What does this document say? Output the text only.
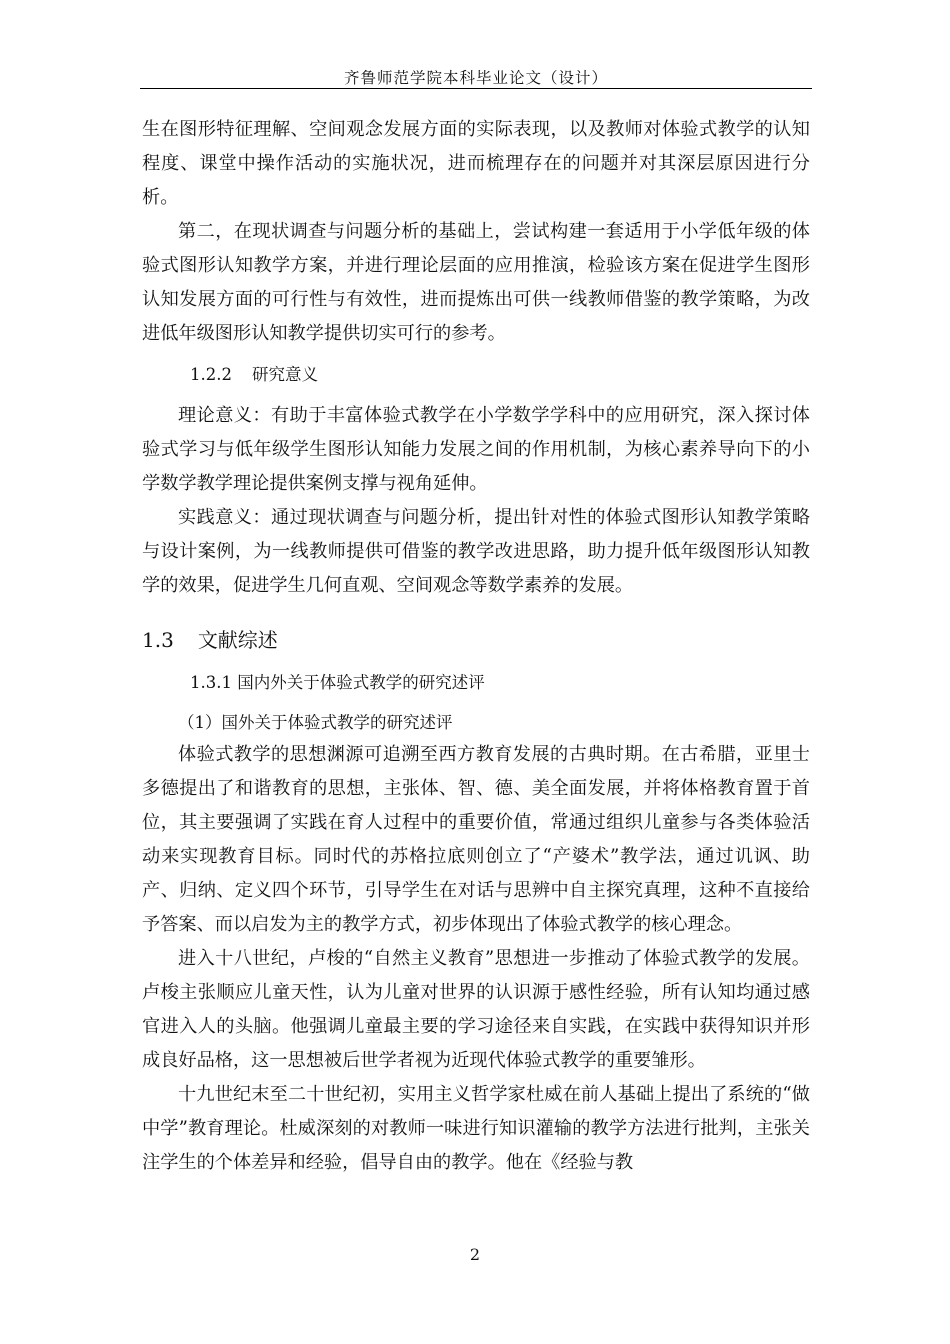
齐鲁师范学院本科毕业论文（设计）

生在图形特征理解、空间观念发展方面的实际表现，以及教师对体验式教学的认知程度、课堂中操作活动的实施状况，进而梳理存在的问题并对其深层原因进行分析。

第二，在现状调查与问题分析的基础上，尝试构建一套适用于小学低年级的体验式图形认知教学方案，并进行理论层面的应用推演，检验该方案在促进学生图形认知发展方面的可行性与有效性，进而提炼出可供一线教师借鉴的教学策略，为改进低年级图形认知教学提供切实可行的参考。

1.2.2 研究意义

理论意义：有助于丰富体验式教学在小学数学学科中的应用研究，深入探讨体验式学习与低年级学生图形认知能力发展之间的作用机制，为核心素养导向下的小学数学教学理论提供案例支撑与视角延伸。

实践意义：通过现状调查与问题分析，提出针对性的体验式图形认知教学策略与设计案例，为一线教师提供可借鉴的教学改进思路，助力提升低年级图形认知教学的效果，促进学生几何直观、空间观念等数学素养的发展。

1.3 文献综述
1.3.1 国内外关于体验式教学的研究述评
（1）国外关于体验式教学的研究述评

体验式教学的思想渊源可追溯至西方教育发展的古典时期。在古希腊，亚里士多德提出了和谐教育的思想，主张体、智、德、美全面发展，并将体格教育置于首位，其主要强调了实践在育人过程中的重要价值，常通过组织儿童参与各类体验活动来实现教育目标。同时代的苏格拉底则创立了“产婆术”教学法，通过讥讽、助产、归纳、定义四个环节，引导学生在对话与思辨中自主探究真理，这种不直接给予答案、而以启发为主的教学方式，初步体现出了体验式教学的核心理念。

进入十八世纪，卢梭的“自然主义教育”思想进一步推动了体验式教学的发展。卢梭主张顺应儿童天性，认为儿童对世界的认识源于感性经验，所有认知均通过感官进入人的头脑。他强调儿童最主要的学习途径来自实践，在实践中获得知识并形成良好品格，这一思想被后世学者视为近现代体验式教学的重要雏形。

十九世纪末至二十世纪初，实用主义哲学家杜威在前人基础上提出了系统的“做中学”教育理论。杜威深刻的对教师一味进行知识灌输的教学方法进行批判，主张关注学生的个体差异和经验，倡导自由的教学。他在《经验与教

2
